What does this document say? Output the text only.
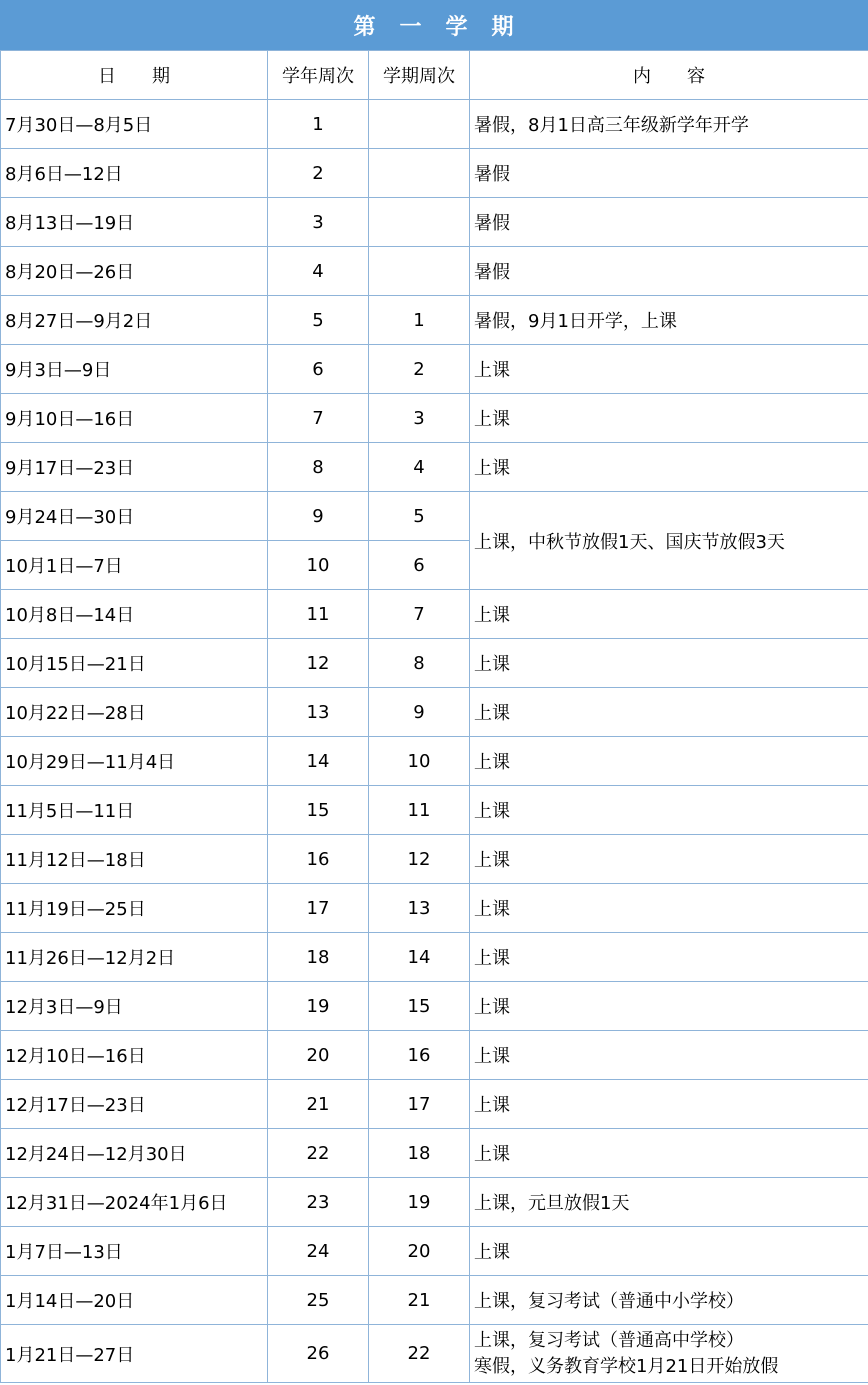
第　一　学　期
日　　期	学年周次	学期周次	内　　容
7月30日—8月5日	1		暑假，8月1日高三年级新学年开学
8月6日—12日	2		暑假
8月13日—19日	3		暑假
8月20日—26日	4		暑假
8月27日—9月2日	5	1	暑假，9月1日开学，上课
9月3日—9日	6	2	上课
9月10日—16日	7	3	上课
9月17日—23日	8	4	上课
9月24日—30日	9	5	上课，中秋节放假1天、国庆节放假3天
10月1日—7日	10	6	
10月8日—14日	11	7	上课
10月15日—21日	12	8	上课
10月22日—28日	13	9	上课
10月29日—11月4日	14	10	上课
11月5日—11日	15	11	上课
11月12日—18日	16	12	上课
11月19日—25日	17	13	上课
11月26日—12月2日	18	14	上课
12月3日—9日	19	15	上课
12月10日—16日	20	16	上课
12月17日—23日	21	17	上课
12月24日—12月30日	22	18	上课
12月31日—2024年1月6日	23	19	上课，元旦放假1天
1月7日—13日	24	20	上课
1月14日—20日	25	21	上课，复习考试（普通中小学校）
1月21日—27日	26	22	上课，复习考试（普通高中学校）
寒假，义务教育学校1月21日开始放假
